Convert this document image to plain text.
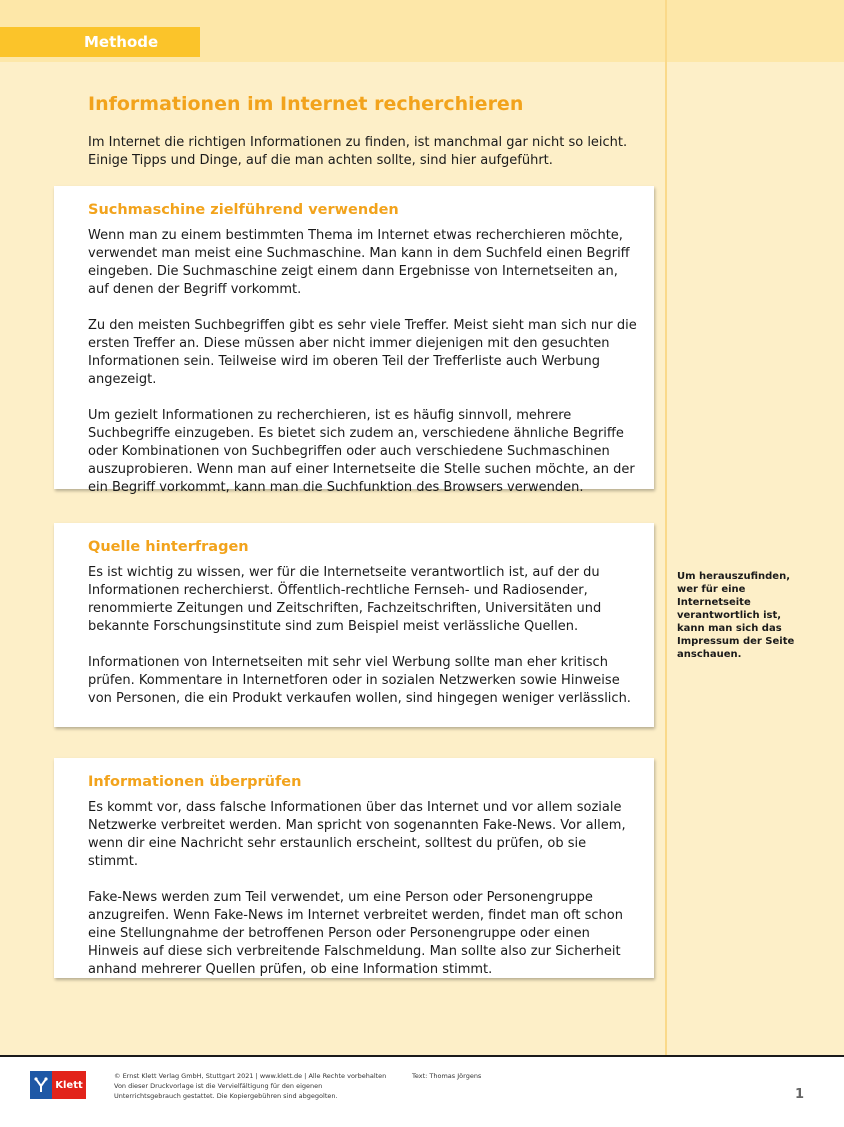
Methode
Informationen im Internet recherchieren

Im Internet die richtigen Informationen zu finden, ist manchmal gar nicht so leicht. Einige Tipps und Dinge, auf die man achten sollte, sind hier aufgeführt.

Suchmaschine zielführend verwenden

Wenn man zu einem bestimmten Thema im Internet etwas recherchieren möchte, verwendet man meist eine Suchmaschine. Man kann in dem Suchfeld einen Begriff eingeben. Die Suchmaschine zeigt einem dann Ergebnisse von Internetseiten an, auf denen der Begriff vorkommt.

Zu den meisten Suchbegriffen gibt es sehr viele Treffer. Meist sieht man sich nur die ersten Treffer an. Diese müssen aber nicht immer diejenigen mit den gesuchten Informationen sein. Teilweise wird im oberen Teil der Trefferliste auch Werbung angezeigt.

Um gezielt Informationen zu recherchieren, ist es häufig sinnvoll, mehrere Suchbegriffe einzugeben. Es bietet sich zudem an, verschiedene ähnliche Begriffe oder Kombinationen von Suchbegriffen oder auch verschiedene Suchmaschinen auszuprobieren. Wenn man auf einer Internetseite die Stelle suchen möchte, an der ein Begriff vorkommt, kann man die Suchfunktion des Browsers verwenden.

Quelle hinterfragen

Es ist wichtig zu wissen, wer für die Internetseite verantwortlich ist, auf der du Informationen recherchierst. Öffentlich-rechtliche Fernseh- und Radiosender, renommierte Zeitungen und Zeitschriften, Fachzeitschriften, Universitäten und bekannte Forschungsinstitute sind zum Beispiel meist verlässliche Quellen.

Informationen von Internetseiten mit sehr viel Werbung sollte man eher kritisch prüfen. Kommentare in Internetforen oder in sozialen Netzwerken sowie Hinweise von Personen, die ein Produkt verkaufen wollen, sind hingegen weniger verlässlich.

Informationen überprüfen

Es kommt vor, dass falsche Informationen über das Internet und vor allem soziale Netzwerke verbreitet werden. Man spricht von sogenannten Fake-News. Vor allem, wenn dir eine Nachricht sehr erstaunlich erscheint, solltest du prüfen, ob sie stimmt.

Fake-News werden zum Teil verwendet, um eine Person oder Personengruppe anzugreifen. Wenn Fake-News im Internet verbreitet werden, findet man oft schon eine Stellungnahme der betroffenen Person oder Personengruppe oder einen Hinweis auf diese sich verbreitende Falschmeldung. Man sollte also zur Sicherheit anhand mehrerer Quellen prüfen, ob eine Information stimmt.

Um herauszufinden, wer für eine Internetseite verantwortlich ist, kann man sich das Impressum der Seite anschauen.
Klett
© Ernst Klett Verlag GmbH, Stuttgart 2021 | www.klett.de | Alle Rechte vorbehalten
Von dieser Druckvorlage ist die Vervielfältigung für den eigenen
Unterrichtsgebrauch gestattet. Die Kopiergebühren sind abgegolten.
Text: Thomas Jörgens
1
